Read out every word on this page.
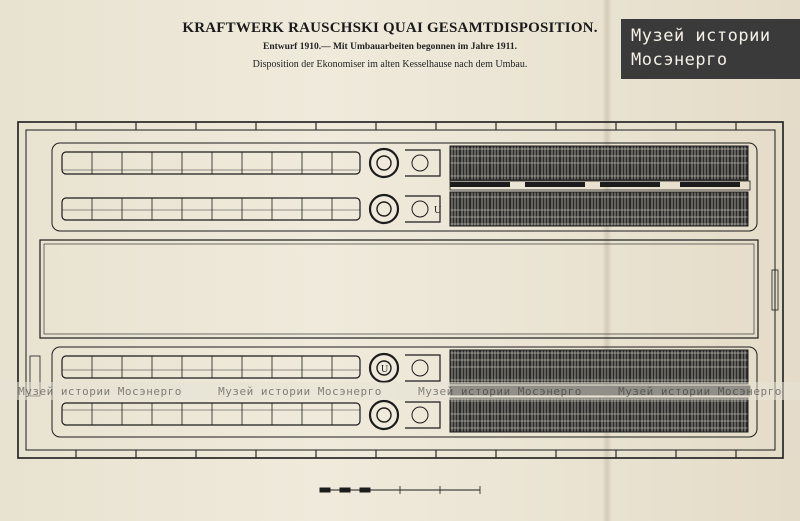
KRAFTWERK RAUSCHSKI QUAI GESAMTDISPOSITION.
Entwurf 1910.— Mit Umbauarbeiten begonnen im Jahre 1911.
Disposition der Ekonomiser im alten Kesselhause nach dem Umbau.
Музей истории
Мосэнерго
U
U
Музей истории Мосэнерго	Музей истории Мосэнерго	Музей истории Мосэнерго	Музей истории Мосэнерго
